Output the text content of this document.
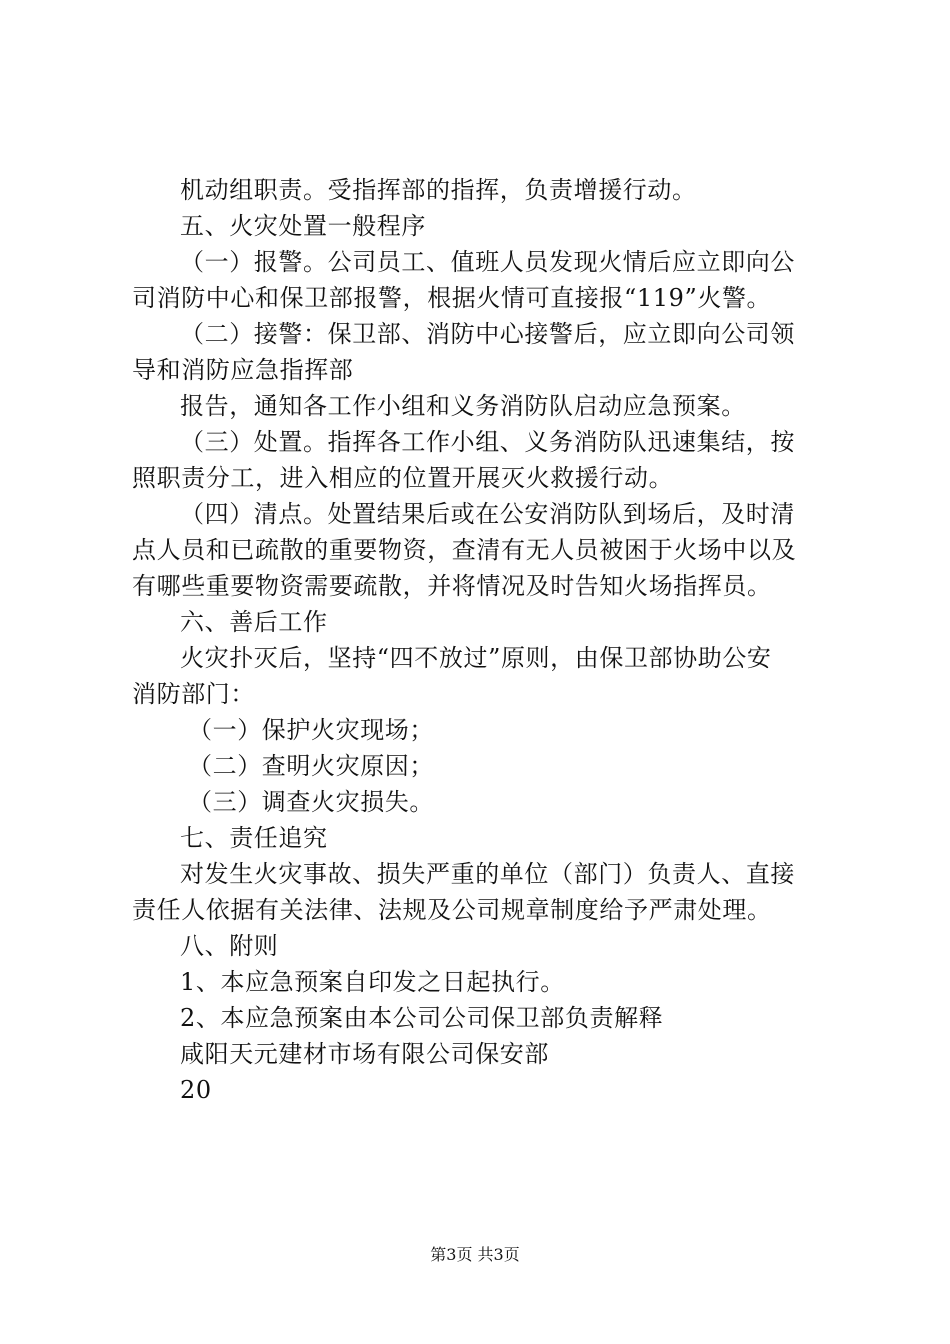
机动组职责。受指挥部的指挥，负责增援行动。
五、火灾处置一般程序
（一）报警。公司员工、值班人员发现火情后应立即向公
司消防中心和保卫部报警，根据火情可直接报“119”火警。
（二）接警：保卫部、消防中心接警后，应立即向公司领
导和消防应急指挥部
报告，通知各工作小组和义务消防队启动应急预案。
（三）处置。指挥各工作小组、义务消防队迅速集结，按
照职责分工，进入相应的位置开展灭火救援行动。
（四）清点。处置结果后或在公安消防队到场后，及时清
点人员和已疏散的重要物资，查清有无人员被困于火场中以及
有哪些重要物资需要疏散，并将情况及时告知火场指挥员。
六、善后工作
火灾扑灭后，坚持“四不放过”原则，由保卫部协助公安
消防部门：
（一）保护火灾现场；
（二）查明火灾原因；
（三）调查火灾损失。
七、责任追究
对发生火灾事故、损失严重的单位（部门）负责人、直接
责任人依据有关法律、法规及公司规章制度给予严肃处理。
八、附则
1、本应急预案自印发之日起执行。
2、本应急预案由本公司公司保卫部负责解释
咸阳天元建材市场有限公司保安部
20
第3页 共3页
